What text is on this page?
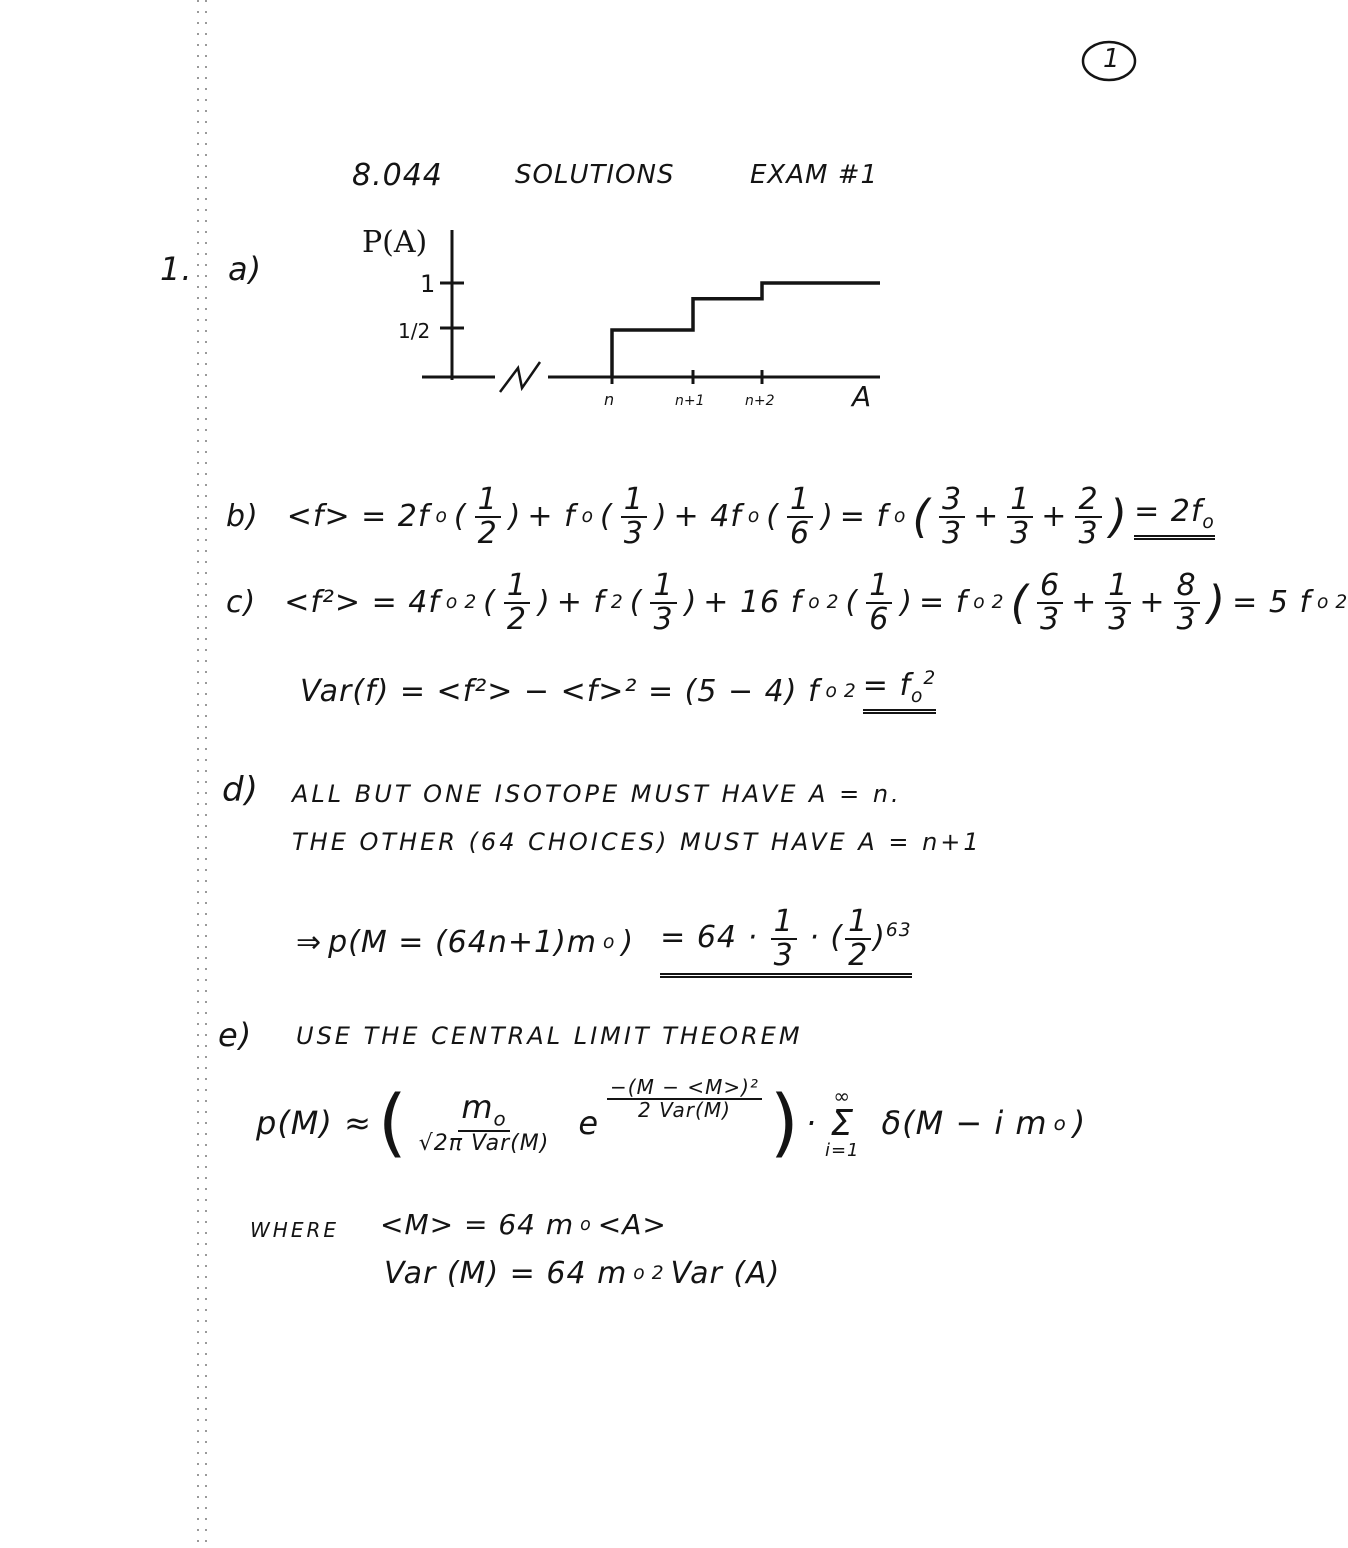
1
8.044	SOLUTIONS	EXAM #1
1. a)
P(A)
1
1/2
n	n+1	n+2	A
b) <f> = 2f o ( $\frac{1}{2}$ ) + f o ( $\frac{1}{3}$ ) + 4f o ( $\frac{1}{6}$ ) = f o ( $\frac{3}{3} + \frac{1}{3} + \frac{2}{3}$ ) = $2f_o$
c) <f²> = 4f o 2 ( $\frac{1}{2}$ ) + f 2 ( $\frac{1}{3}$ ) + 16 f o 2 ( $\frac{1}{6}$ ) = f o 2 ( $\frac{6}{3} + \frac{1}{3} + \frac{8}{3}$ ) = 5 f o 2
Var(f) = <f²> − <f>² = (5 − 4) f o $2 = f_o^2$
d) ALL BUT ONE ISOTOPE MUST HAVE A = n.
THE OTHER (64 CHOICES) MUST HAVE A = n+1
⇒ p(M = (64n+1)m o ) = $64 \cdot \frac{1}{3}$ · ( $\frac{1}{2} )^{63}$
e) USE THE CENTRAL LIMIT THEOREM
p(M) ≈ ( $\frac{m_o}{\text{√2π Var(M)}}$ e
$\frac{\text{−(M − <M>)²}}{\text{2 Var(M)}}$ ) ·
∞
Σ
i=1
δ(M − i m o )
WHERE <M> = 64 m o <A>
Var (M) = 64 m o 2 Var (A)
